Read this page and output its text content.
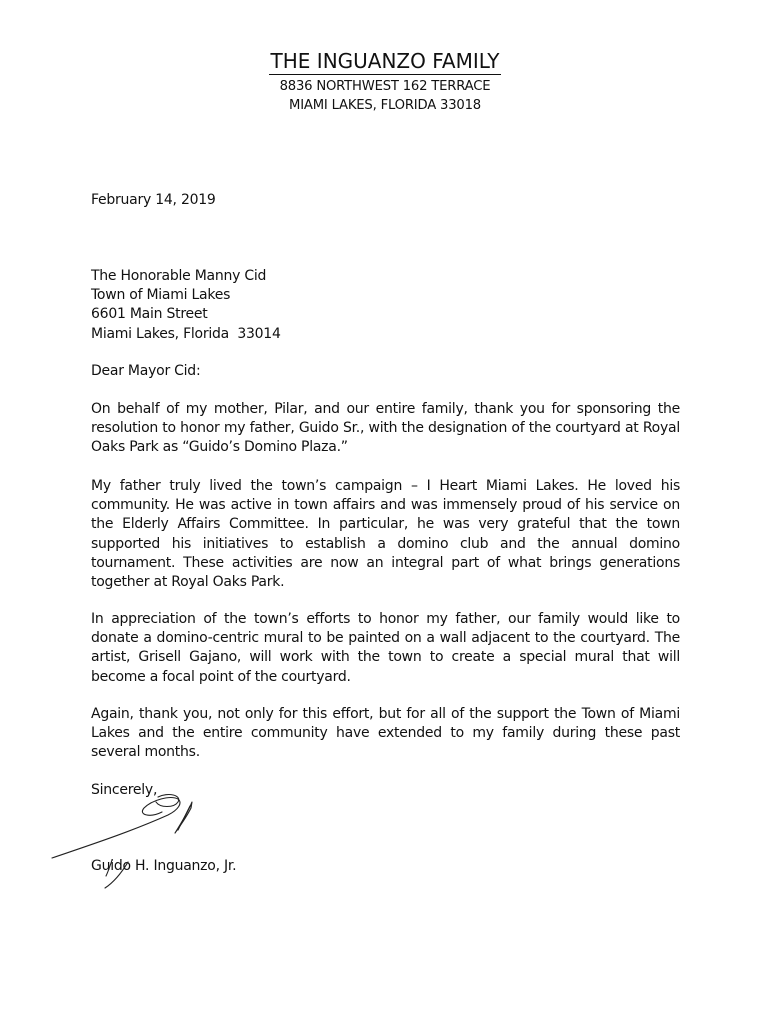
THE INGUANZO FAMILY
8836 NORTHWEST 162 TERRACE
MIAMI LAKES, FLORIDA 33018
February 14, 2019
The Honorable Manny Cid
Town of Miami Lakes
6601 Main Street
Miami Lakes, Florida  33014
Dear Mayor Cid:
On behalf of my mother, Pilar, and our entire family, thank you for sponsoring the resolution to honor my father, Guido Sr., with the designation of the courtyard at Royal Oaks Park as “Guido’s Domino Plaza.”
My father truly lived the town’s campaign – I Heart Miami Lakes. He loved his community. He was active in town affairs and was immensely proud of his service on the Elderly Affairs Committee. In particular, he was very grateful that the town supported his initiatives to establish a domino club and the annual domino tournament. These activities are now an integral part of what brings generations together at Royal Oaks Park.
In appreciation of the town’s efforts to honor my father, our family would like to donate a domino-centric mural to be painted on a wall adjacent to the courtyard. The artist, Grisell Gajano, will work with the town to create a special mural that will become a focal point of the courtyard.
Again, thank you, not only for this effort, but for all of the support the Town of Miami Lakes and the entire community have extended to my family during these past several months.
Sincerely,
Guido H. Inguanzo, Jr.
